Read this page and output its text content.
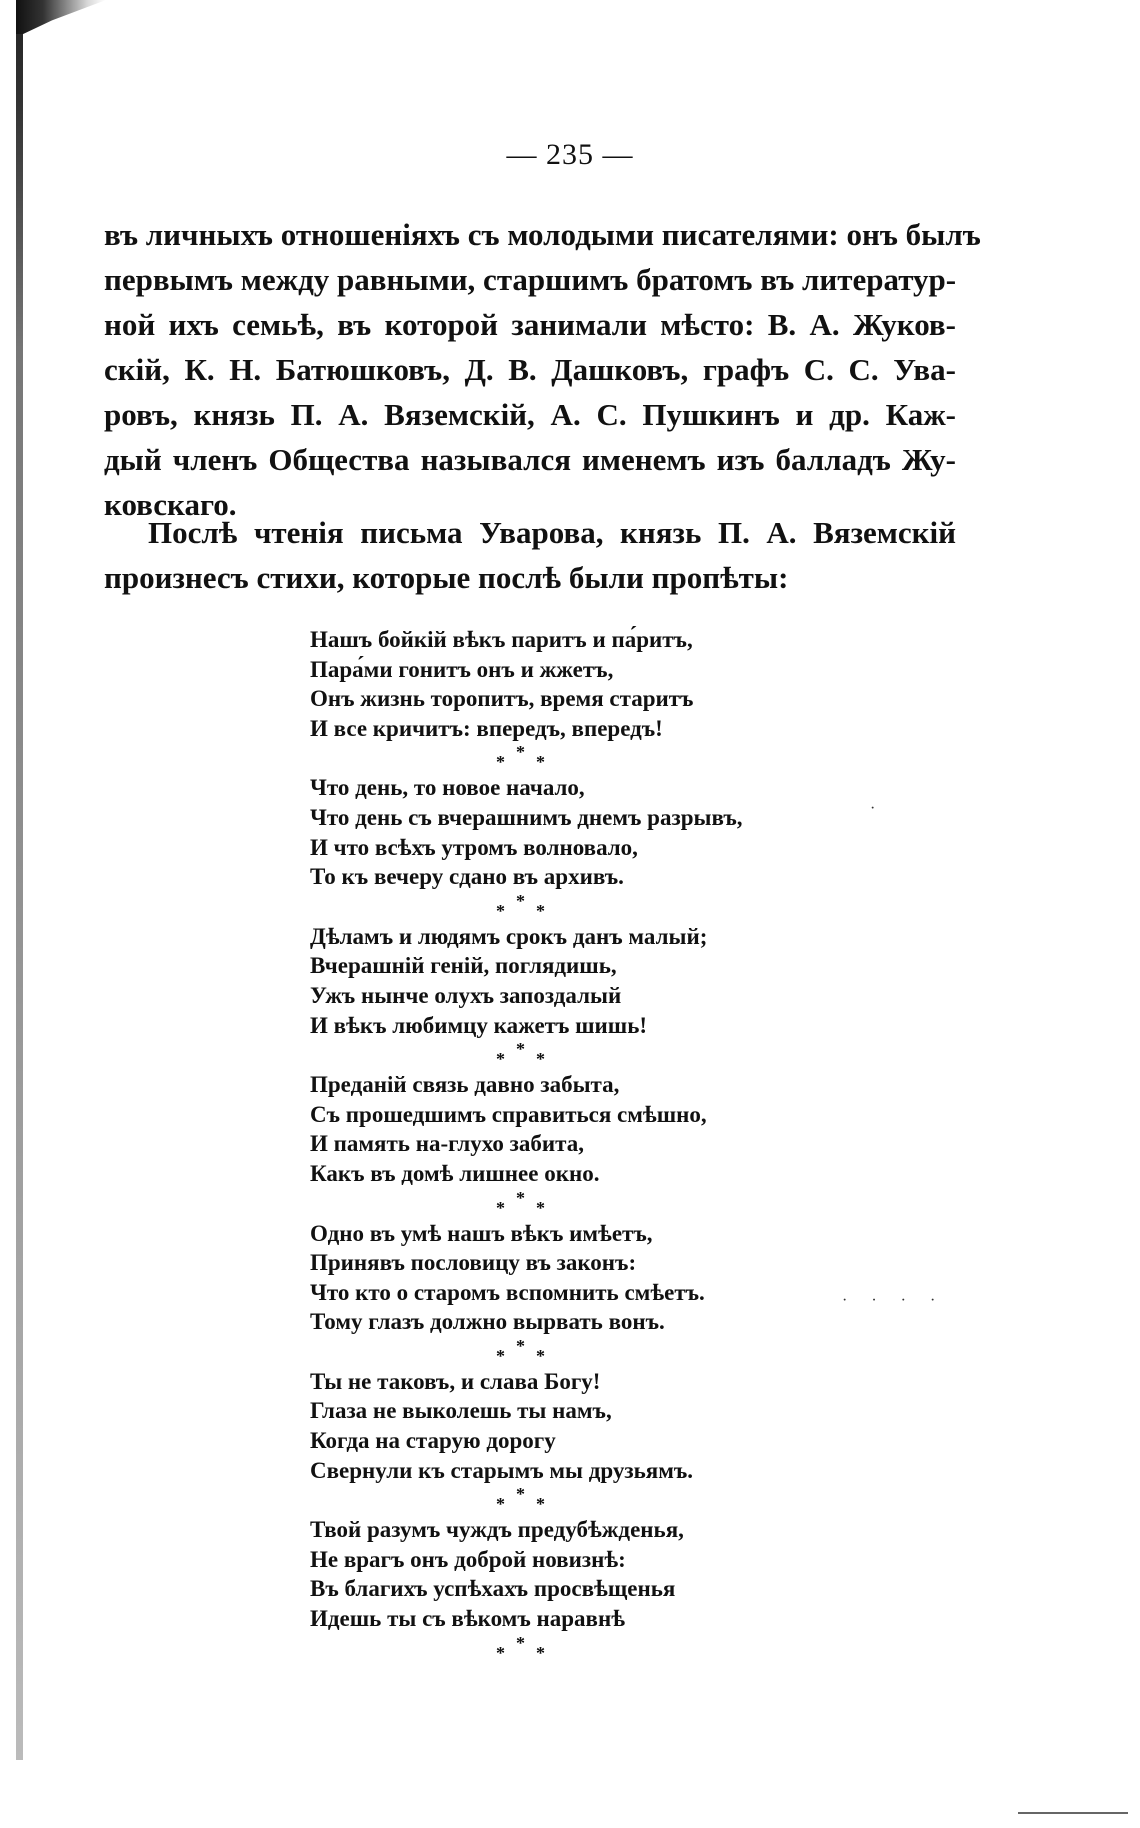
— 235 —
въ личныхъ отношеніяхъ съ молодыми писателями: онъ былъ
первымъ между равными, старшимъ братомъ въ литератур-
ной ихъ семьѣ, въ которой занимали мѣсто: В. А. Жуков-
скій, К. Н. Батюшковъ, Д. В. Дашковъ, графъ С. С. Ува-
ровъ, князь П. А. Вяземскій, А. С. Пушкинъ и др. Каж-
дый членъ Общества назывался именемъ изъ балладъ Жу-
ковскаго.
Послѣ чтенія письма Уварова, князь П. А. Вяземскій
произнесъ стихи, которые послѣ были пропѣты:
Нашъ бойкій вѣкъ паритъ и па́ритъ,
Пара́ми гонитъ онъ и жжетъ,
Онъ жизнь торопитъ, время старитъ
И все кричитъ: впередъ, впередъ!
* * *
Что день, то новое начало,
Что день съ вчерашнимъ днемъ разрывъ,
И что всѣхъ утромъ волновало,
То къ вечеру сдано въ архивъ.
* * *
Дѣламъ и людямъ срокъ данъ малый;
Вчерашній геній, поглядишь,
Ужъ нынче олухъ запоздалый
И вѣкъ любимцу кажетъ шишь!
* * *
Преданій связь давно забыта,
Съ прошедшимъ справиться смѣшно,
И память на-глухо забита,
Какъ въ домѣ лишнее окно.
* * *
Одно въ умѣ нашъ вѣкъ имѣетъ,
Принявъ пословицу въ законъ:
Что кто о старомъ вспомнить смѣетъ.
Тому глазъ должно вырвать вонъ.
* * *
Ты не таковъ, и слава Богу!
Глаза не выколешь ты намъ,
Когда на старую дорогу
Свернули къ старымъ мы друзьямъ.
* * *
Твой разумъ чуждъ предубѣжденья,
Не врагъ онъ доброй новизнѣ:
Въ благихъ успѣхахъ просвѣщенья
Идешь ты съ вѣкомъ наравнѣ
* * *
·
· · · ·
